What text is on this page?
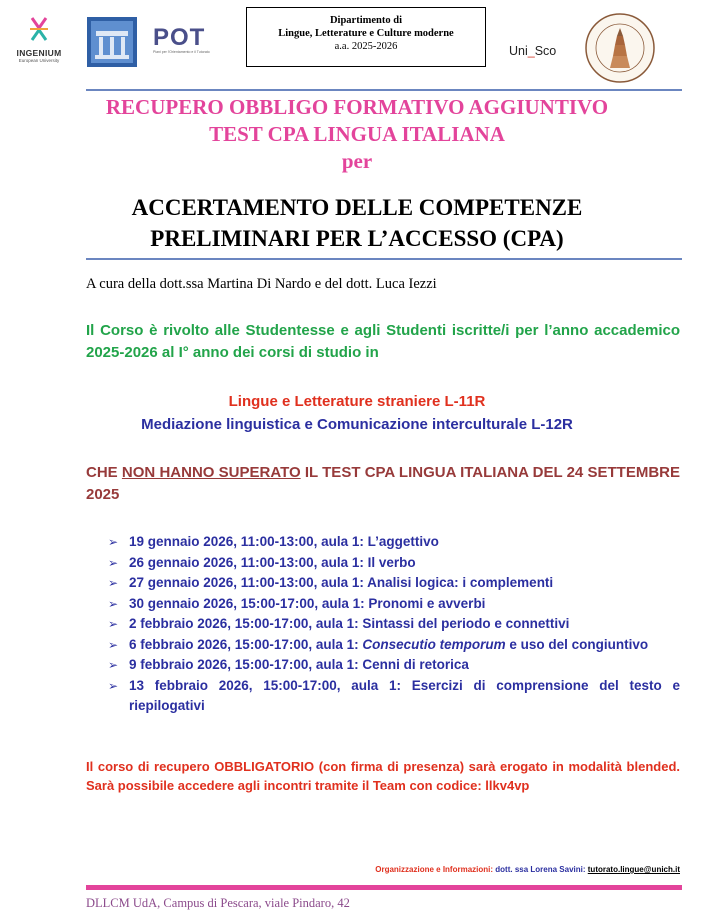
INGENIUM
European University
POT
Piani per l'Orientamento e il Tutorato
Dipartimento di
Lingue, Letterature e Culture moderne

a.a. 2025-2026	Uni_Sco
RECUPERO OBBLIGO FORMATIVO AGGIUNTIVO
TEST CPA LINGUA ITALIANA
per
ACCERTAMENTO DELLE COMPETENZE
PRELIMINARI PER L’ACCESSO (CPA)
A cura della dott.ssa Martina Di Nardo e del dott. Luca Iezzi
Il Corso è rivolto alle Studentesse e agli Studenti iscritte/i per l’anno accademico 2025-2026 al I° anno dei corsi di studio in
Lingue e Letterature straniere L-11R
Mediazione linguistica e Comunicazione interculturale L-12R
CHE NON HANNO SUPERATO IL TEST CPA LINGUA ITALIANA DEL 24 SETTEMBRE 2025
➢ 19 gennaio 2026, 11:00-13:00, aula 1: L’aggettivo
➢ 26 gennaio 2026, 11:00-13:00, aula 1: Il verbo
➢ 27 gennaio 2026, 11:00-13:00, aula 1: Analisi logica: i complementi
➢ 30 gennaio 2026, 15:00-17:00, aula 1: Pronomi e avverbi
➢ 2 febbraio 2026, 15:00-17:00, aula 1: Sintassi del periodo e connettivi
➢ 6 febbraio 2026, 15:00-17:00, aula 1: Consecutio temporum e uso del congiuntivo
➢ 9 febbraio 2026, 15:00-17:00, aula 1: Cenni di retorica
➢ 13 febbraio 2026, 15:00-17:00, aula 1: Esercizi di comprensione del testo e riepilogativi
Il corso di recupero OBBLIGATORIO (con firma di presenza) sarà erogato in modalità blended. Sarà possibile accedere agli incontri tramite il Team con codice: llkv4vp
Organizzazione e Informazioni: dott. ssa Lorena Savini: tutorato.lingue@unich.it
DLLCM UdA, Campus di Pescara, viale Pindaro, 42
